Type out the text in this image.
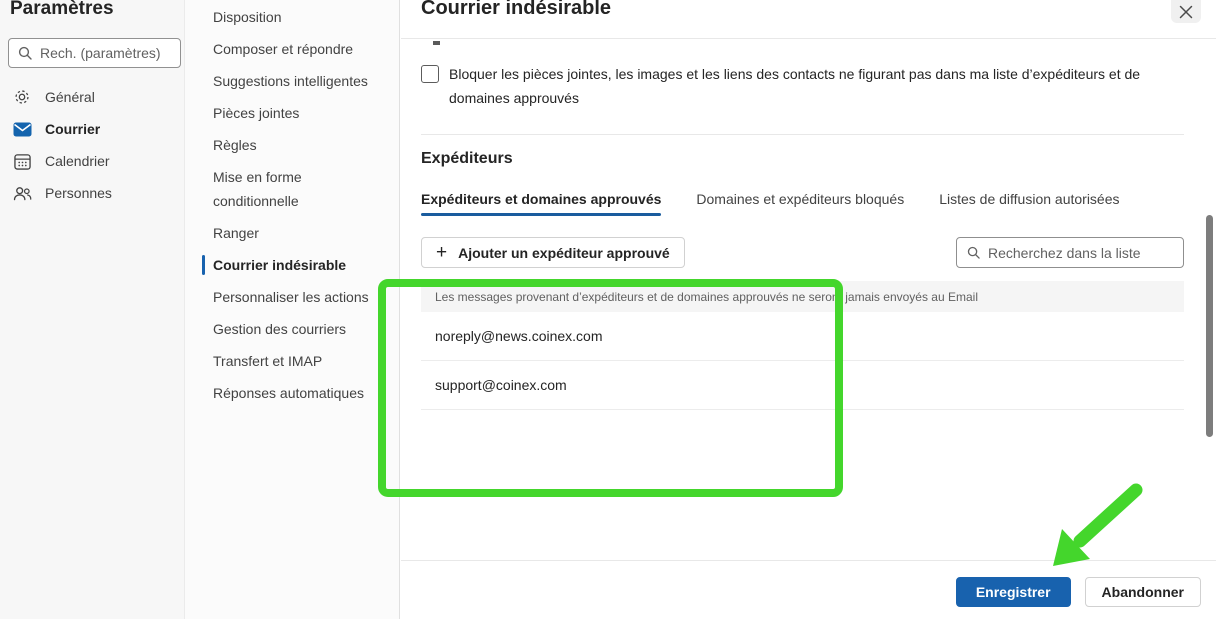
Paramètres
Rech. (paramètres)
Général
Courrier
Calendrier
Personnes
Disposition
Composer et répondre
Suggestions intelligentes
Pièces jointes
Règles
Mise en forme conditionnelle
Ranger
Courrier indésirable
Personnaliser les actions
Gestion des courriers
Transfert et IMAP
Réponses automatiques
Courrier indésirable
Bloquer les pièces jointes, les images et les liens des contacts ne figurant pas dans ma liste d’expéditeurs et de domaines approuvés
Expéditeurs
Expéditeurs et domaines approuvés	Domaines et expéditeurs bloqués	Listes de diffusion autorisées
+ Ajouter un expéditeur approuvé	Recherchez dans la liste
Les messages provenant d’expéditeurs et de domaines approuvés ne seront jamais envoyés au Email
noreply@news.coinex.com
support@coinex.com
Enregistrer	Abandonner
